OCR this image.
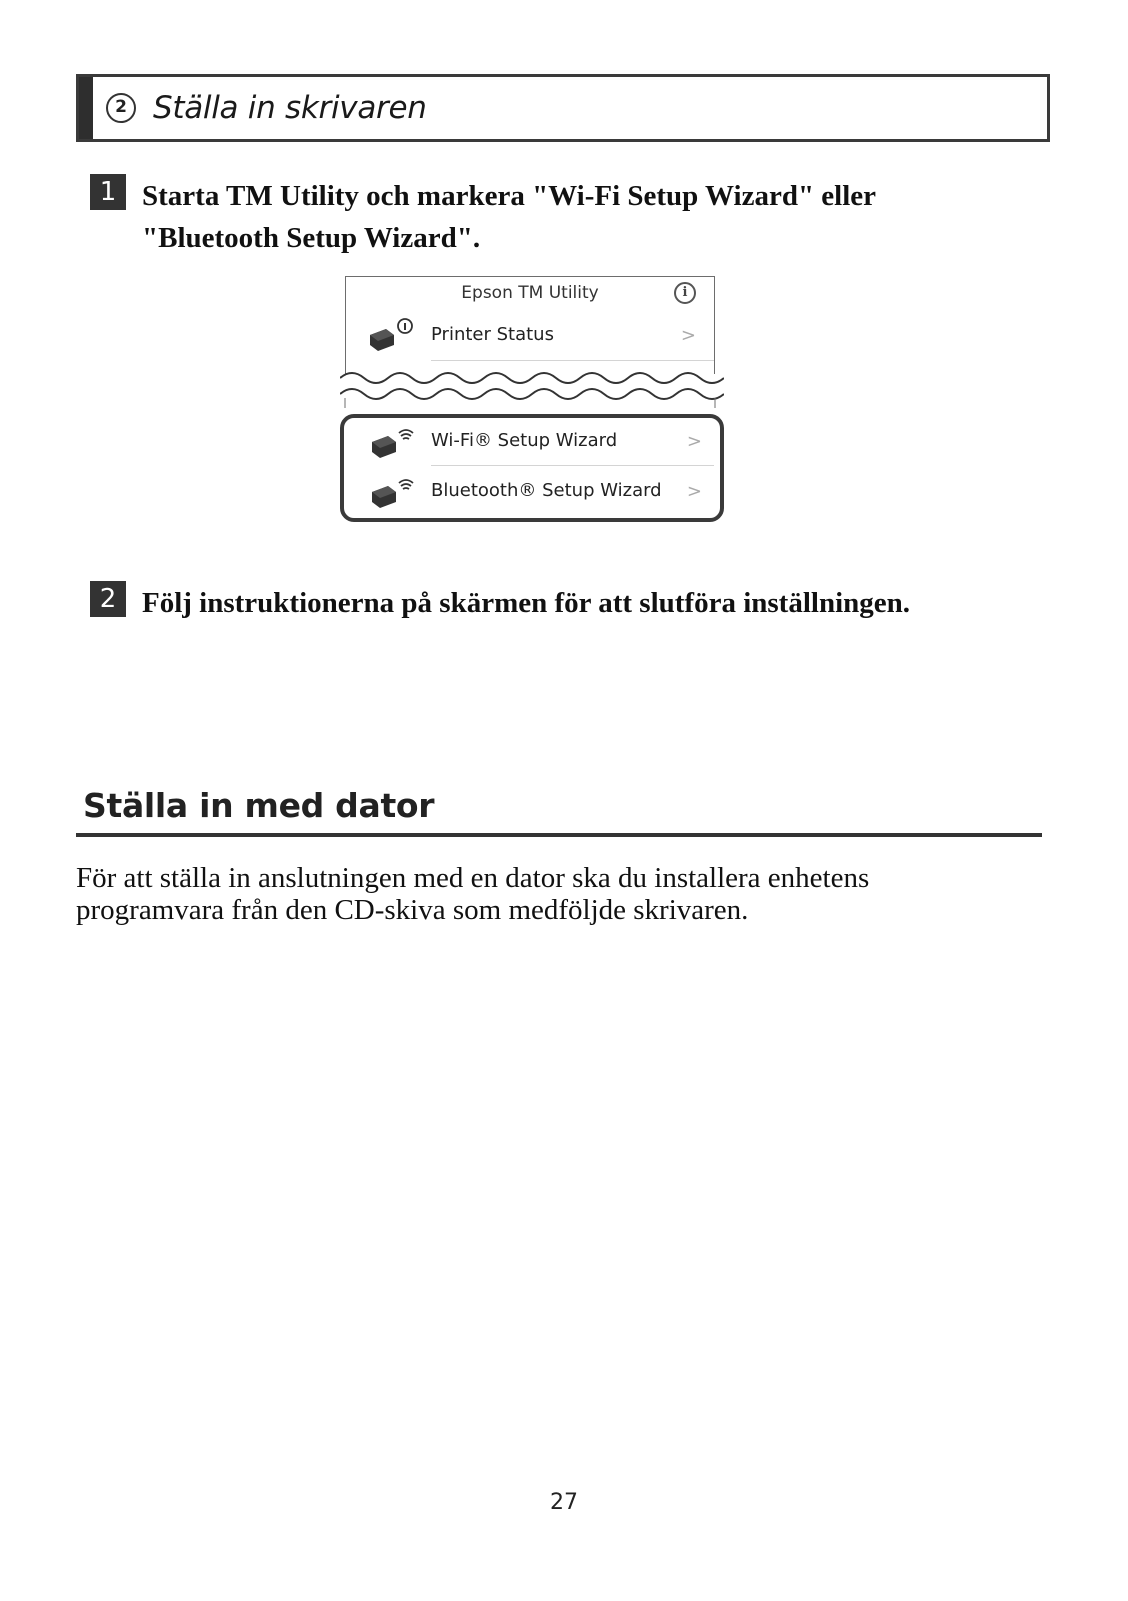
2 Ställa in skrivaren
1 Starta TM Utility och markera "Wi-Fi Setup Wizard" eller
"Bluetooth Setup Wizard".
Epson TM Utility	i
Printer Status	>
Wi-Fi® Setup Wizard	>
Bluetooth® Setup Wizard >
2 Följ instruktionerna på skärmen för att slutföra inställningen.
Ställa in med dator
För att ställa in anslutningen med en dator ska du installera enhetens
programvara från den CD-skiva som medföljde skrivaren.
27
